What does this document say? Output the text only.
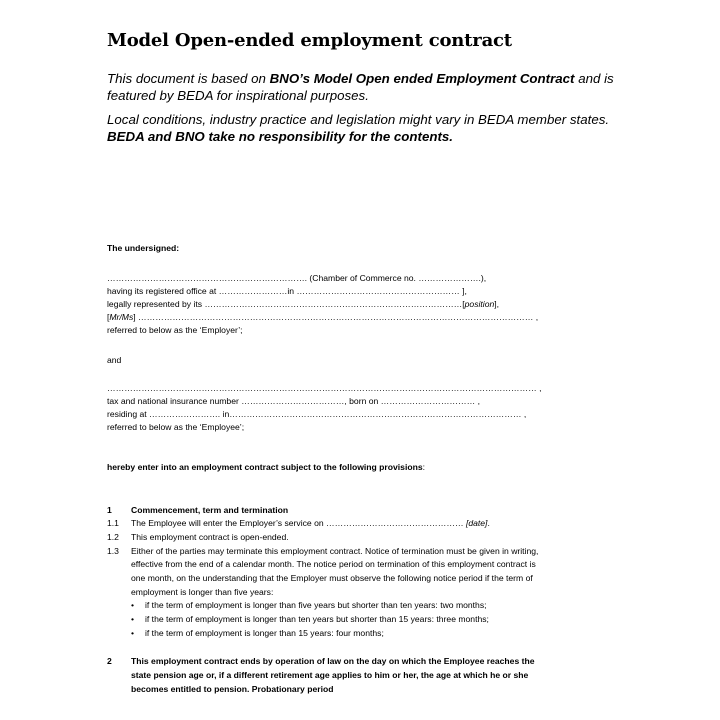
Model Open-ended employment contract
This document is based on BNO’s Model Open ended Employment Contract and is featured by BEDA for inspirational purposes.
Local conditions, industry practice and legislation might vary in BEDA member states. BEDA and BNO take no responsibility for the contents.
The undersigned:
……………………………………………………………. (Chamber of Commerce no. ………………….),
having its registered office at ……………………in ………………………………………………… ],
legally represented by its ………………………………………………………………………………[position],
[Mr/Ms] ………………………………………………………………………………………………………………………… ,
referred to below as the ‘Employer’;
and
…………………………………………………………………………………………………………………………………… ,
tax and national insurance number ………………………………, born on …………………………… ,
residing at ……………………. in………………………………………………………………………………………… ,
referred to below as the ‘Employee’;
hereby enter into an employment contract subject to the following provisions:
1 Commencement, term and termination
1.1 The Employee will enter the Employer’s service on ………………………………………… [date].
1.2 This employment contract is open-ended.
1.3 Either of the parties may terminate this employment contract. Notice of termination must be given in writing,
effective from the end of a calendar month. The notice period on termination of this employment contract is
one month, on the understanding that the Employer must observe the following notice period if the term of
employment is longer than five years:
• if the term of employment is longer than five years but shorter than ten years: two months;
• if the term of employment is longer than ten years but shorter than 15 years: three months;
• if the term of employment is longer than 15 years: four months;
2 This employment contract ends by operation of law on the day on which the Employee reaches the
state pension age or, if a different retirement age applies to him or her, the age at which he or she
becomes entitled to pension. Probationary period
